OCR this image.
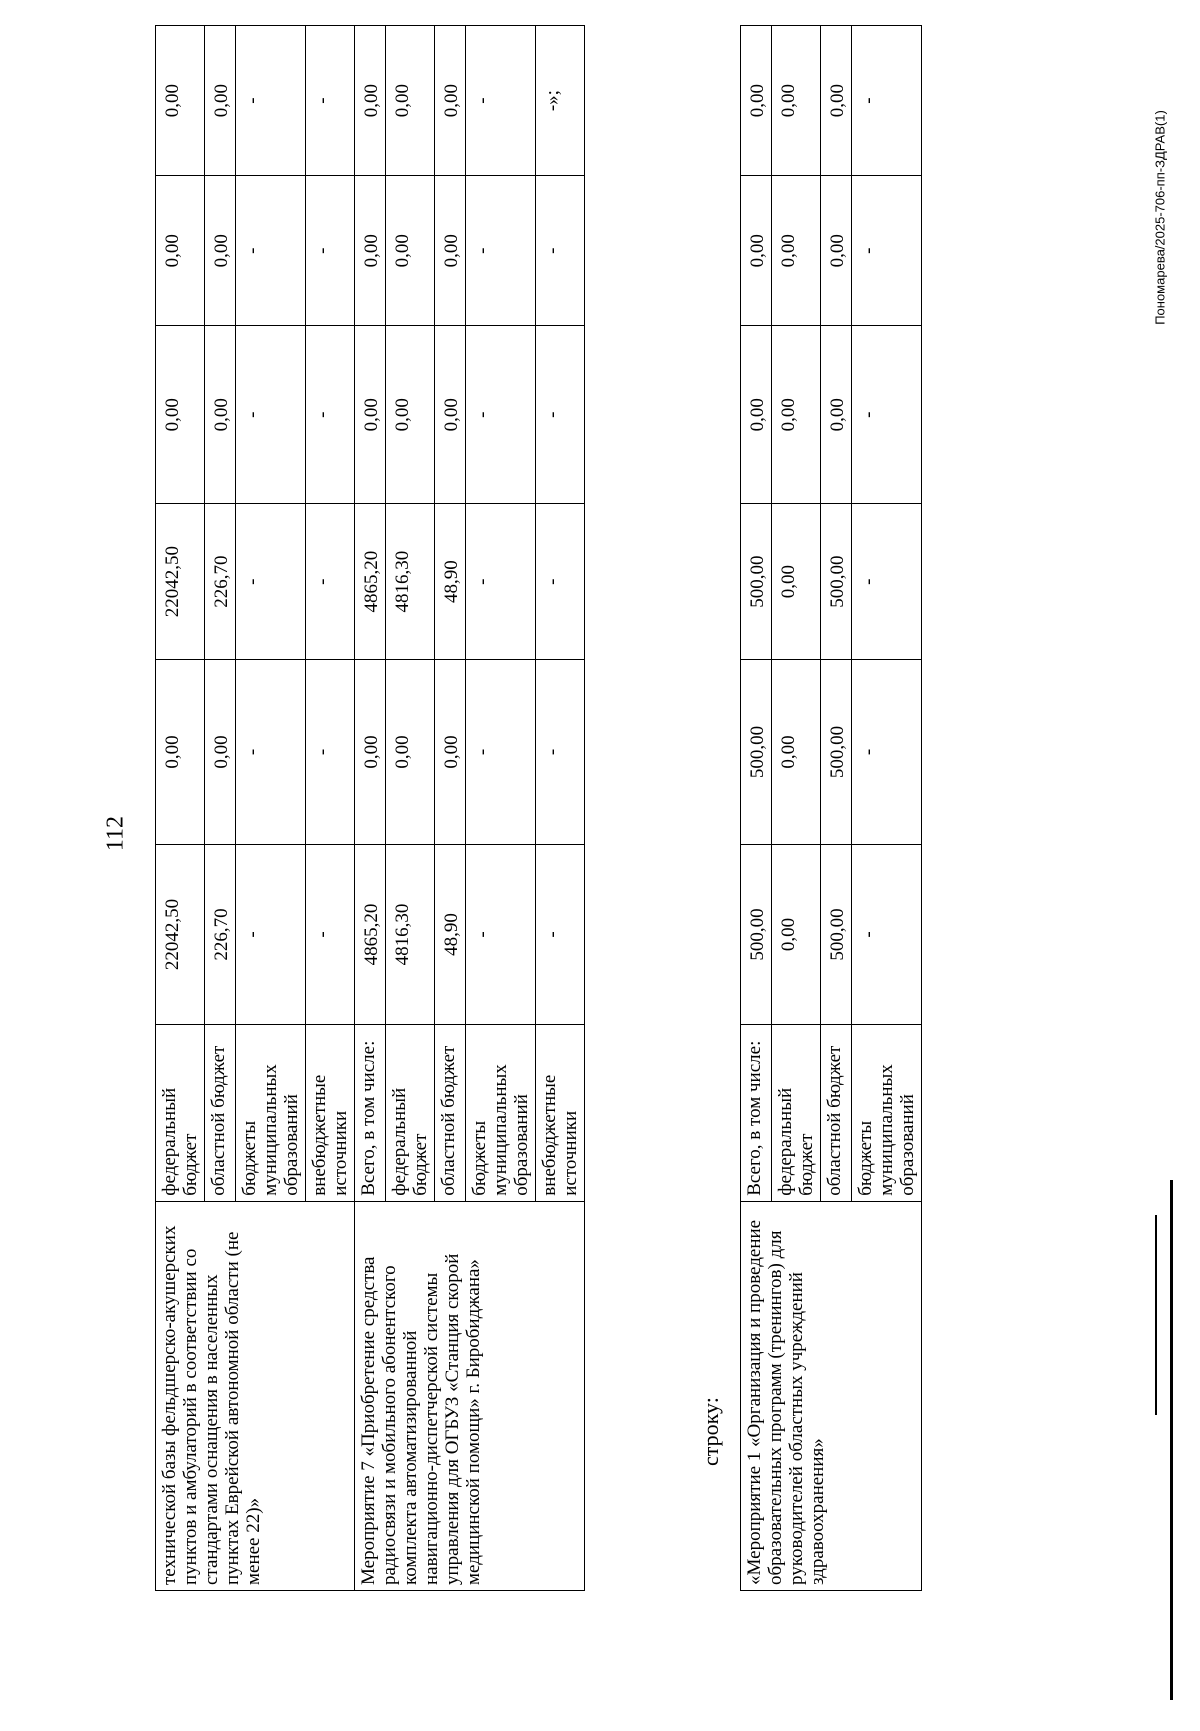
112
Пономарева/2025-706-пп-ЗДРАВ(1)
технической базы фельдшерско-акушерских пунктов и амбулаторий в соответствии со стандартами оснащения в населенных пунктах Еврейской автономной области (не менее 22)»	федеральный бюджет	22042,50	0,00	22042,50	0,00	0,00	0,00
	областной бюджет	226,70	0,00	226,70	0,00	0,00	0,00
	бюджеты муниципальных образований	-	-	-	-	-	-
	внебюджетные источники	-	-	-	-	-	-
Мероприятие 7 «Приобретение средства радиосвязи и мобильного абонентского комплекта автоматизированной навигационно-диспетчерской системы управления для ОГБУЗ «Станция скорой медицинской помощи» г. Биробиджана»	Всего, в том числе:	4865,20	0,00	4865,20	0,00	0,00	0,00
	федеральный бюджет	4816,30	0,00	4816,30	0,00	0,00	0,00
	областной бюджет	48,90	0,00	48,90	0,00	0,00	0,00
	бюджеты муниципальных образований	-	-	-	-	-	-
	внебюджетные источники	-	-	-	-	-	-»;
строку: «Мероприятие 1 «Организация и проведение образовательных программ (тренингов) для руководителей областных учреждений здравоохранения»	Всего, в том числе:	500,00	500,00	500,00	0,00	0,00	0,00
	федеральный бюджет	0,00	0,00	0,00	0,00	0,00	0,00
	областной бюджет	500,00	500,00	500,00	0,00	0,00	0,00
	бюджеты муниципальных образований	-	-	-	-	-	-
